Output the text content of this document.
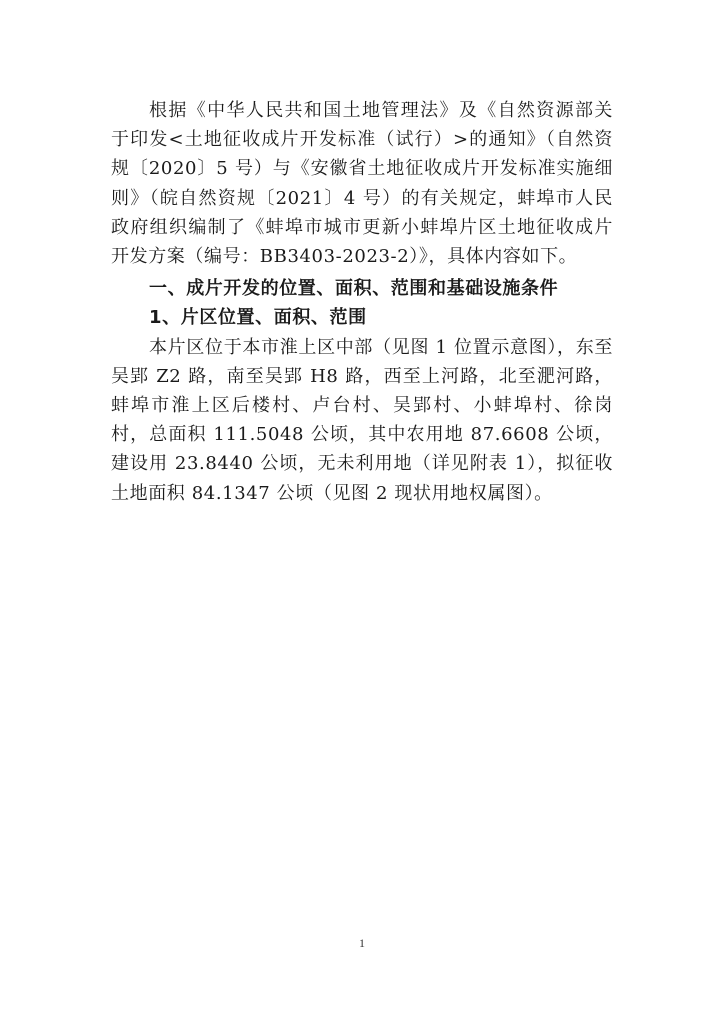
根据《中华人民共和国土地管理法》及《自然资源部关于印发<土地征收成片开发标准（试行）>的通知》（自然资规〔2020〕5 号）与《安徽省土地征收成片开发标准实施细则》（皖自然资规〔2021〕4 号）的有关规定，蚌埠市人民政府组织编制了《蚌埠市城市更新小蚌埠片区土地征收成片开发方案（编号：BB3403-2023-2）》，具体内容如下。

一、成片开发的位置、面积、范围和基础设施条件

1、片区位置、面积、范围

本片区位于本市淮上区中部（见图 1 位置示意图），东至吴郢 Z2 路，南至吴郢 H8 路，西至上河路，北至淝河路，蚌埠市淮上区后楼村、卢台村、吴郢村、小蚌埠村、徐岗村，总面积 111.5048 公顷，其中农用地 87.6608 公顷，建设用 23.8440 公顷，无未利用地（详见附表 1），拟征收土地面积 84.1347 公顷（见图 2 现状用地权属图）。

1
